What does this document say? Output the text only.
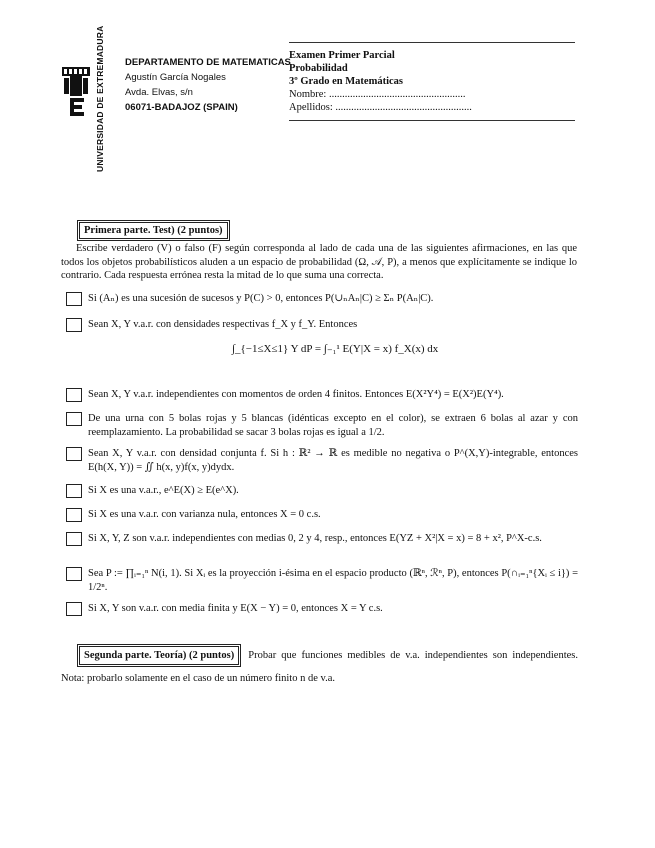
UNIVERSIDAD DE EXTREMADURA DEPARTAMENTO DE MATEMATICAS
Agustín García Nogales
Avda. Elvas, s/n
06071-BADAJOZ (SPAIN)
Examen Primer Parcial
Probabilidad
3º Grado en Matemáticas
Nombre: ....................................................
Apellidos: ....................................................
Primera parte. Test) (2 puntos)
Escribe verdadero (V) o falso (F) según corresponda al lado de cada una de las siguientes afirmaciones, en las que todos los objetos probabilísticos aluden a un espacio de probabilidad (Ω, 𝒜, P), a menos que explícitamente se indique lo contrario. Cada respuesta errónea resta la mitad de lo que suma una correcta.
Si (Aₙ) es una sucesión de sucesos y P(C) > 0, entonces P(∪ₙAₙ|C) ≥ Σₙ P(Aₙ|C).
Sean X, Y v.a.r. con densidades respectivas f_X y f_Y. Entonces
∫_{−1≤X≤1} Y dP = ∫₋₁¹ E(Y|X = x) f_X(x) dx
Sean X, Y v.a.r. independientes con momentos de orden 4 finitos. Entonces E(X²Y⁴) = E(X²)E(Y⁴).
De una urna con 5 bolas rojas y 5 blancas (idénticas excepto en el color), se extraen 6 bolas al azar y con reemplazamiento. La probabilidad se sacar 3 bolas rojas es igual a 1/2.
Sean X, Y v.a.r. con densidad conjunta f. Si h : ℝ² → ℝ es medible no negativa o P^(X,Y)-integrable, entonces E(h(X, Y)) = ∬ h(x, y)f(x, y)dydx.
Si X es una v.a.r., e^E(X) ≥ E(e^X).
Si X es una v.a.r. con varianza nula, entonces X = 0 c.s.
Si X, Y, Z son v.a.r. independientes con medias 0, 2 y 4, resp., entonces E(YZ + X²|X = x) = 8 + x², P^X-c.s.
Sea P := ∏ᵢ₌₁ⁿ N(i, 1). Si Xᵢ es la proyección i-ésima en el espacio producto (ℝⁿ, ℛⁿ, P), entonces P(∩ᵢ₌₁ⁿ{Xᵢ ≤ i}) = 1/2ⁿ.
Si X, Y son v.a.r. con media finita y E(X − Y) = 0, entonces X = Y c.s.
Segunda parte. Teoría) (2 puntos) Probar que funciones medibles de v.a. independientes son independientes. Nota: probarlo solamente en el caso de un número finito n de v.a.
